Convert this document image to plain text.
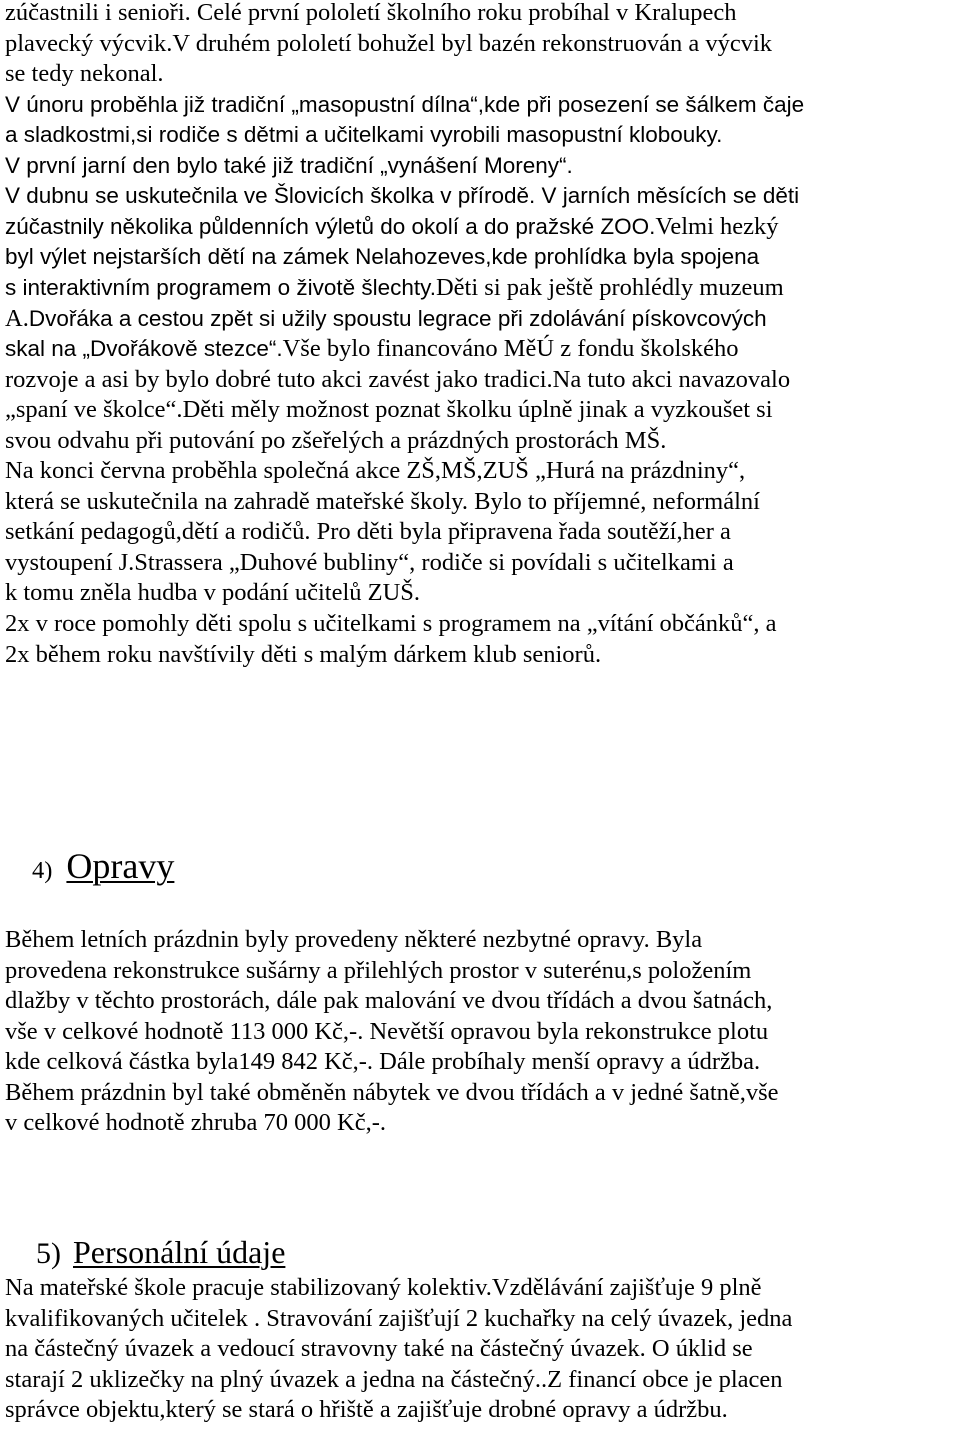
zúčastnili i senioři. Celé první pololetí školního roku probíhal v Kralupech
plavecký výcvik.V druhém pololetí bohužel byl bazén rekonstruován a výcvik
se tedy nekonal.
V únoru proběhla již tradiční „masopustní dílna“,kde při posezení se šálkem čaje
a sladkostmi,si rodiče s dětmi a učitelkami vyrobili masopustní klobouky.
V první jarní den bylo také již tradiční „vynášení Moreny“.
V dubnu se uskutečnila ve Šlovicích školka v přírodě. V jarních měsících se děti
zúčastnily několika půldenních výletů do okolí a do pražské ZOO.Velmi hezký
byl výlet nejstarších dětí na zámek Nelahozeves,kde prohlídka byla spojena
s interaktivním programem o životě šlechty.Děti si pak ještě prohlédly muzeum
A.Dvořáka a cestou zpět si užily spoustu legrace při zdolávání pískovcových
skal na „Dvořákově stezce“.Vše bylo financováno MěÚ z fondu školského
rozvoje a asi by bylo dobré tuto akci zavést jako tradici.Na tuto akci navazovalo
„spaní ve školce“.Děti měly možnost poznat školku úplně jinak a vyzkoušet si
svou odvahu při putování po zšeřelých a prázdných prostorách MŠ.
Na konci června proběhla společná akce ZŠ,MŠ,ZUŠ „Hurá na prázdniny“,
která se uskutečnila na zahradě mateřské školy. Bylo to příjemné, neformální
setkání pedagogů,dětí a rodičů. Pro děti byla připravena řada soutěží,her a
vystoupení J.Strassera „Duhové bubliny“, rodiče si povídali s učitelkami a
k tomu zněla hudba v podání učitelů ZUŠ.
2x v roce pomohly děti spolu s učitelkami s programem na „vítání občánků“, a
2x během roku navštívily děti s malým dárkem klub seniorů.
4) Opravy
Během letních prázdnin byly provedeny některé nezbytné opravy. Byla
provedena rekonstrukce sušárny a přilehlých prostor v suterénu,s položením
dlažby v těchto prostorách, dále pak malování ve dvou třídách a dvou šatnách,
vše v celkové hodnotě 113 000 Kč,-. Nevětší opravou byla rekonstrukce plotu
kde celková částka byla149 842 Kč,-. Dále probíhaly menší opravy a údržba.
Během prázdnin byl také obměněn nábytek ve dvou třídách a v jedné šatně,vše
v celkové hodnotě zhruba 70 000 Kč,-.
5) Personální údaje
Na mateřské škole pracuje stabilizovaný kolektiv.Vzdělávání zajišťuje 9 plně
kvalifikovaných učitelek . Stravování zajišťují 2 kuchařky na celý úvazek, jedna
na částečný úvazek a vedoucí stravovny také na částečný úvazek. O úklid se
starají 2 uklizečky na plný úvazek a jedna na částečný..Z financí obce je placen
správce objektu,který se stará o hřiště a zajišťuje drobné opravy a údržbu.
